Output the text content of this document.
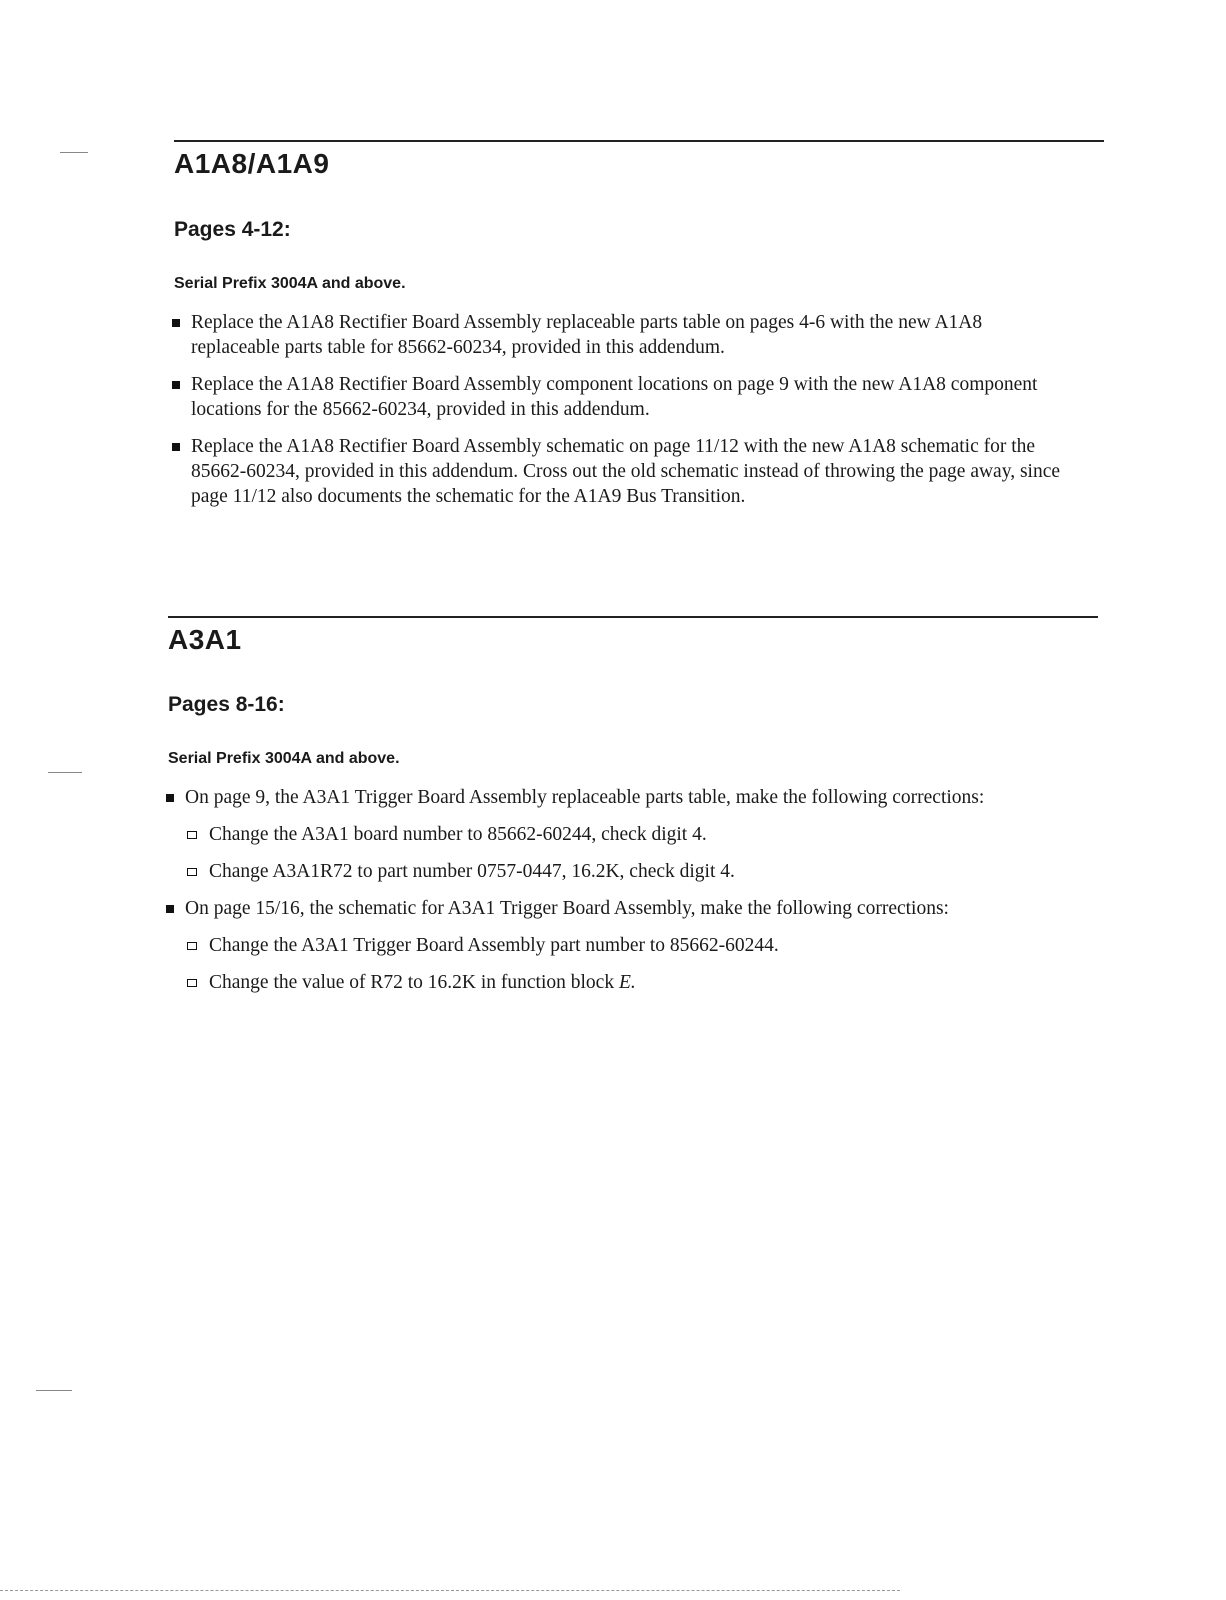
A1A8/A1A9
Pages 4-12:
Serial Prefix 3004A and above.
Replace the A1A8 Rectifier Board Assembly replaceable parts table on pages 4-6 with the new A1A8 replaceable parts table for 85662-60234, provided in this addendum.
Replace the A1A8 Rectifier Board Assembly component locations on page 9 with the new A1A8 component locations for the 85662-60234, provided in this addendum.
Replace the A1A8 Rectifier Board Assembly schematic on page 11/12 with the new A1A8 schematic for the 85662-60234, provided in this addendum. Cross out the old schematic instead of throwing the page away, since page 11/12 also documents the schematic for the A1A9 Bus Transition.
A3A1
Pages 8-16:
Serial Prefix 3004A and above.
On page 9, the A3A1 Trigger Board Assembly replaceable parts table, make the following corrections:
Change the A3A1 board number to 85662-60244, check digit 4.
Change A3A1R72 to part number 0757-0447, 16.2K, check digit 4.
On page 15/16, the schematic for A3A1 Trigger Board Assembly, make the following corrections:
Change the A3A1 Trigger Board Assembly part number to 85662-60244.
Change the value of R72 to 16.2K in function block E.
